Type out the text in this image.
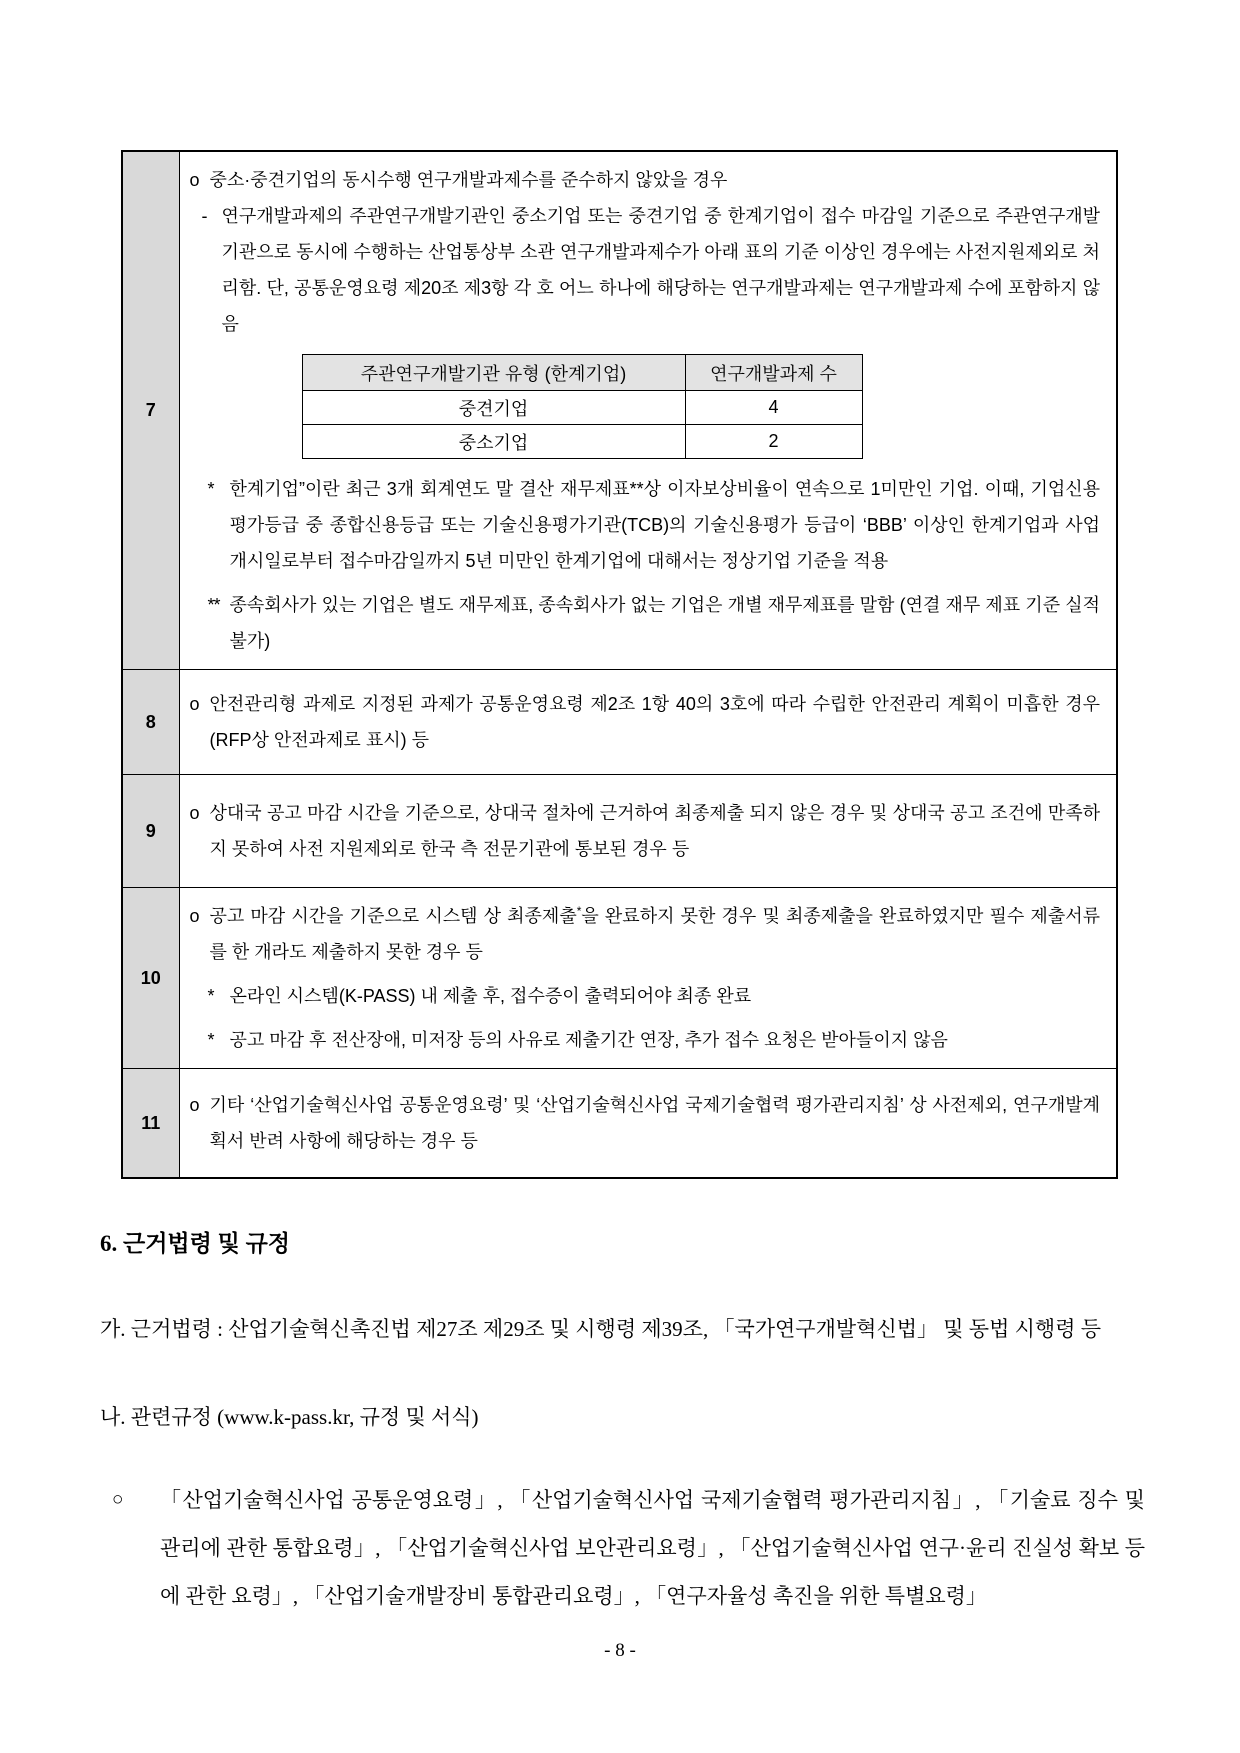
7	
o 중소·중견기업의 동시수행 연구개발과제수를 준수하지 않았을 경우
- 연구개발과제의 주관연구개발기관인 중소기업 또는 중견기업 중 한계기업이 접수 마감일 기준으로 주관연구개발기관으로 동시에 수행하는 산업통상부 소관 연구개발과제수가 아래 표의 기준 이상인 경우에는 사전지원제외로 처리함. 단, 공통운영요령 제20조 제3항 각 호 어느 하나에 해당하는 연구개발과제는 연구개발과제 수에 포함하지 않음
주관연구개발기관 유형 (한계기업)	연구개발과제 수
중견기업	4
중소기업	2
* 한계기업”이란 최근 3개 회계연도 말 결산 재무제표**상 이자보상비율이 연속으로 1미만인 기업. 이때, 기업신용평가등급 중 종합신용등급 또는 기술신용평가기관(TCB)의 기술신용평가 등급이 ‘BBB’ 이상인 한계기업과 사업개시일로부터 접수마감일까지 5년 미만인 한계기업에 대해서는 정상기업 기준을 적용
** 종속회사가 있는 기업은 별도 재무제표, 종속회사가 없는 기업은 개별 재무제표를 말함 (연결 재무 제표 기준 실적 불가)

8	
o 안전관리형 과제로 지정된 과제가 공통운영요령 제2조 1항 40의 3호에 따라 수립한 안전관리 계획이 미흡한 경우(RFP상 안전과제로 표시) 등

9	
o 상대국 공고 마감 시간을 기준으로, 상대국 절차에 근거하여 최종제출 되지 않은 경우 및 상대국 공고 조건에 만족하지 못하여 사전 지원제외로 한국 측 전문기관에 통보된 경우 등

10	
o 공고 마감 시간을 기준으로 시스템 상 최종제출*을 완료하지 못한 경우 및 최종제출을 완료하였지만 필수 제출서류를 한 개라도 제출하지 못한 경우 등
* 온라인 시스템(K-PASS) 내 제출 후, 접수증이 출력되어야 최종 완료
* 공고 마감 후 전산장애, 미저장 등의 사유로 제출기간 연장, 추가 접수 요청은 받아들이지 않음

11	
o 기타 ‘산업기술혁신사업 공통운영요령’ 및 ‘산업기술혁신사업 국제기술협력 평가관리지침’ 상 사전제외, 연구개발계획서 반려 사항에 해당하는 경우 등
6. 근거법령 및 규정
가. 근거법령 : 산업기술혁신촉진법 제27조 제29조 및 시행령 제39조, 「국가연구개발혁신법」 및 동법 시행령 등
나. 관련규정 (www.k-pass.kr, 규정 및 서식)
○	「산업기술혁신사업 공통운영요령」, 「산업기술혁신사업 국제기술협력 평가관리지침」, 「기술료 징수 및 관리에 관한 통합요령」, 「산업기술혁신사업 보안관리요령」, 「산업기술혁신사업 연구·윤리 진실성 확보 등에 관한 요령」, 「산업기술개발장비 통합관리요령」, 「연구자율성 촉진을 위한 특별요령」
- 8 -
